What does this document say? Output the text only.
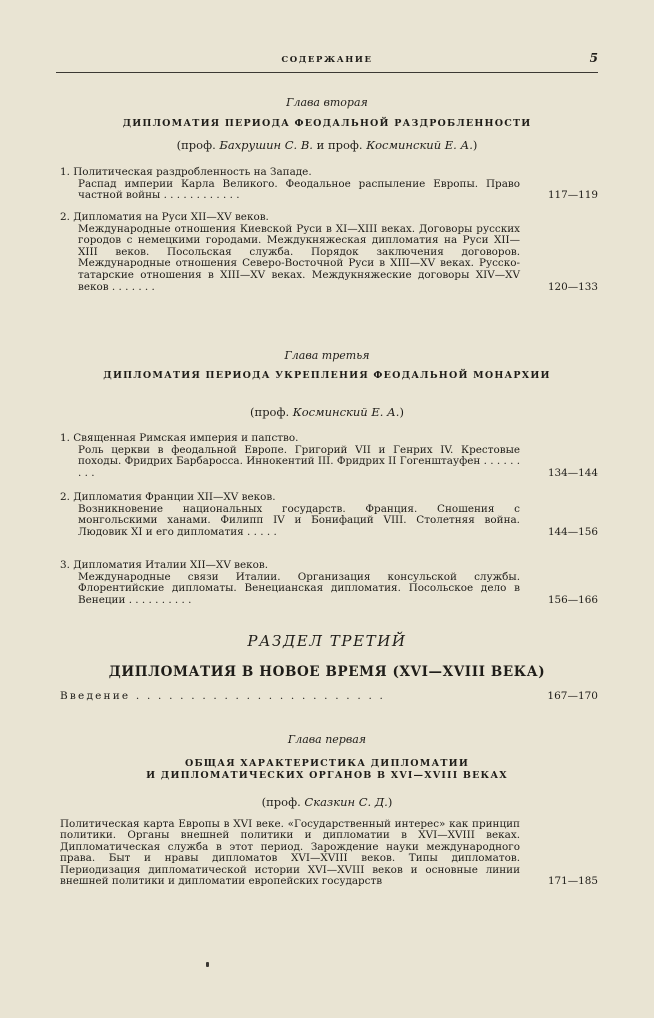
СОДЕРЖАНИЕ	5
Глава вторая
ДИПЛОМАТИЯ ПЕРИОДА ФЕОДАЛЬНОЙ РАЗДРОБЛЕННОСТИ
(проф. Бахрушин С. В. и проф. Косминский Е. А.)
1. Политическая раздробленность на Западе.
Распад империи Карла Великого. Феодальное распыление Европы. Право частной войны . . . . . . . . . . . .	117—119
2. Дипломатия на Руси XII—XV веков.
Международные отношения Киевской Руси в XI—XIII веках. Договоры русских городов с немецкими городами. Междукняжеская дипломатия на Руси XII—XIII веков. Посольская служба. Порядок заключения договоров. Международные отношения Северо-Восточной Руси в XIII—XV веках. Русско-татарские отношения в XIII—XV веках. Междукняжеские договоры XIV—XV веков . . . . . . .	120—133
Глава третья
ДИПЛОМАТИЯ ПЕРИОДА УКРЕПЛЕНИЯ ФЕОДАЛЬНОЙ МОНАРХИИ
(проф. Косминский Е. А.)
1. Священная Римская империя и папство.
Роль церкви в феодальной Европе. Григорий VII и Генрих IV. Крестовые походы. Фридрих Барбаросса. Иннокентий III. Фридрих II Гогенштауфен . . . . . . . . .	134—144
2. Дипломатия Франции XII—XV веков.
Возникновение национальных государств. Франция. Сношения с монгольскими ханами. Филипп IV и Бонифаций VIII. Столетняя война. Людовик XI и его дипломатия . . . . .	144—156
3. Дипломатия Италии XII—XV веков.
Международные связи Италии. Организация консульской службы. Флорентийские дипломаты. Венецианская дипломатия. Посольское дело в Венеции . . . . . . . . . .	156—166
РАЗДЕЛ ТРЕТИЙ
ДИПЛОМАТИЯ В НОВОЕ ВРЕМЯ (XVI—XVIII ВЕКА)
Введение . . . . . . . . . . . . . . . . . . . . . . .	167—170
Глава первая
ОБЩАЯ ХАРАКТЕРИСТИКА ДИПЛОМАТИИ
И ДИПЛОМАТИЧЕСКИХ ОРГАНОВ В XVI—XVIII ВЕКАХ
(проф. Сказкин С. Д.)
Политическая карта Европы в XVI веке. «Государственный интерес» как принцип политики. Органы внешней политики и дипломатии в XVI—XVIII веках. Дипломатическая служба в этот период. Зарождение науки международного права. Быт и нравы дипломатов XVI—XVIII веков. Типы дипломатов. Периодизация дипломатической истории XVI—XVIII веков и основные линии внешней политики и дипломатии европейских государств	171—185
